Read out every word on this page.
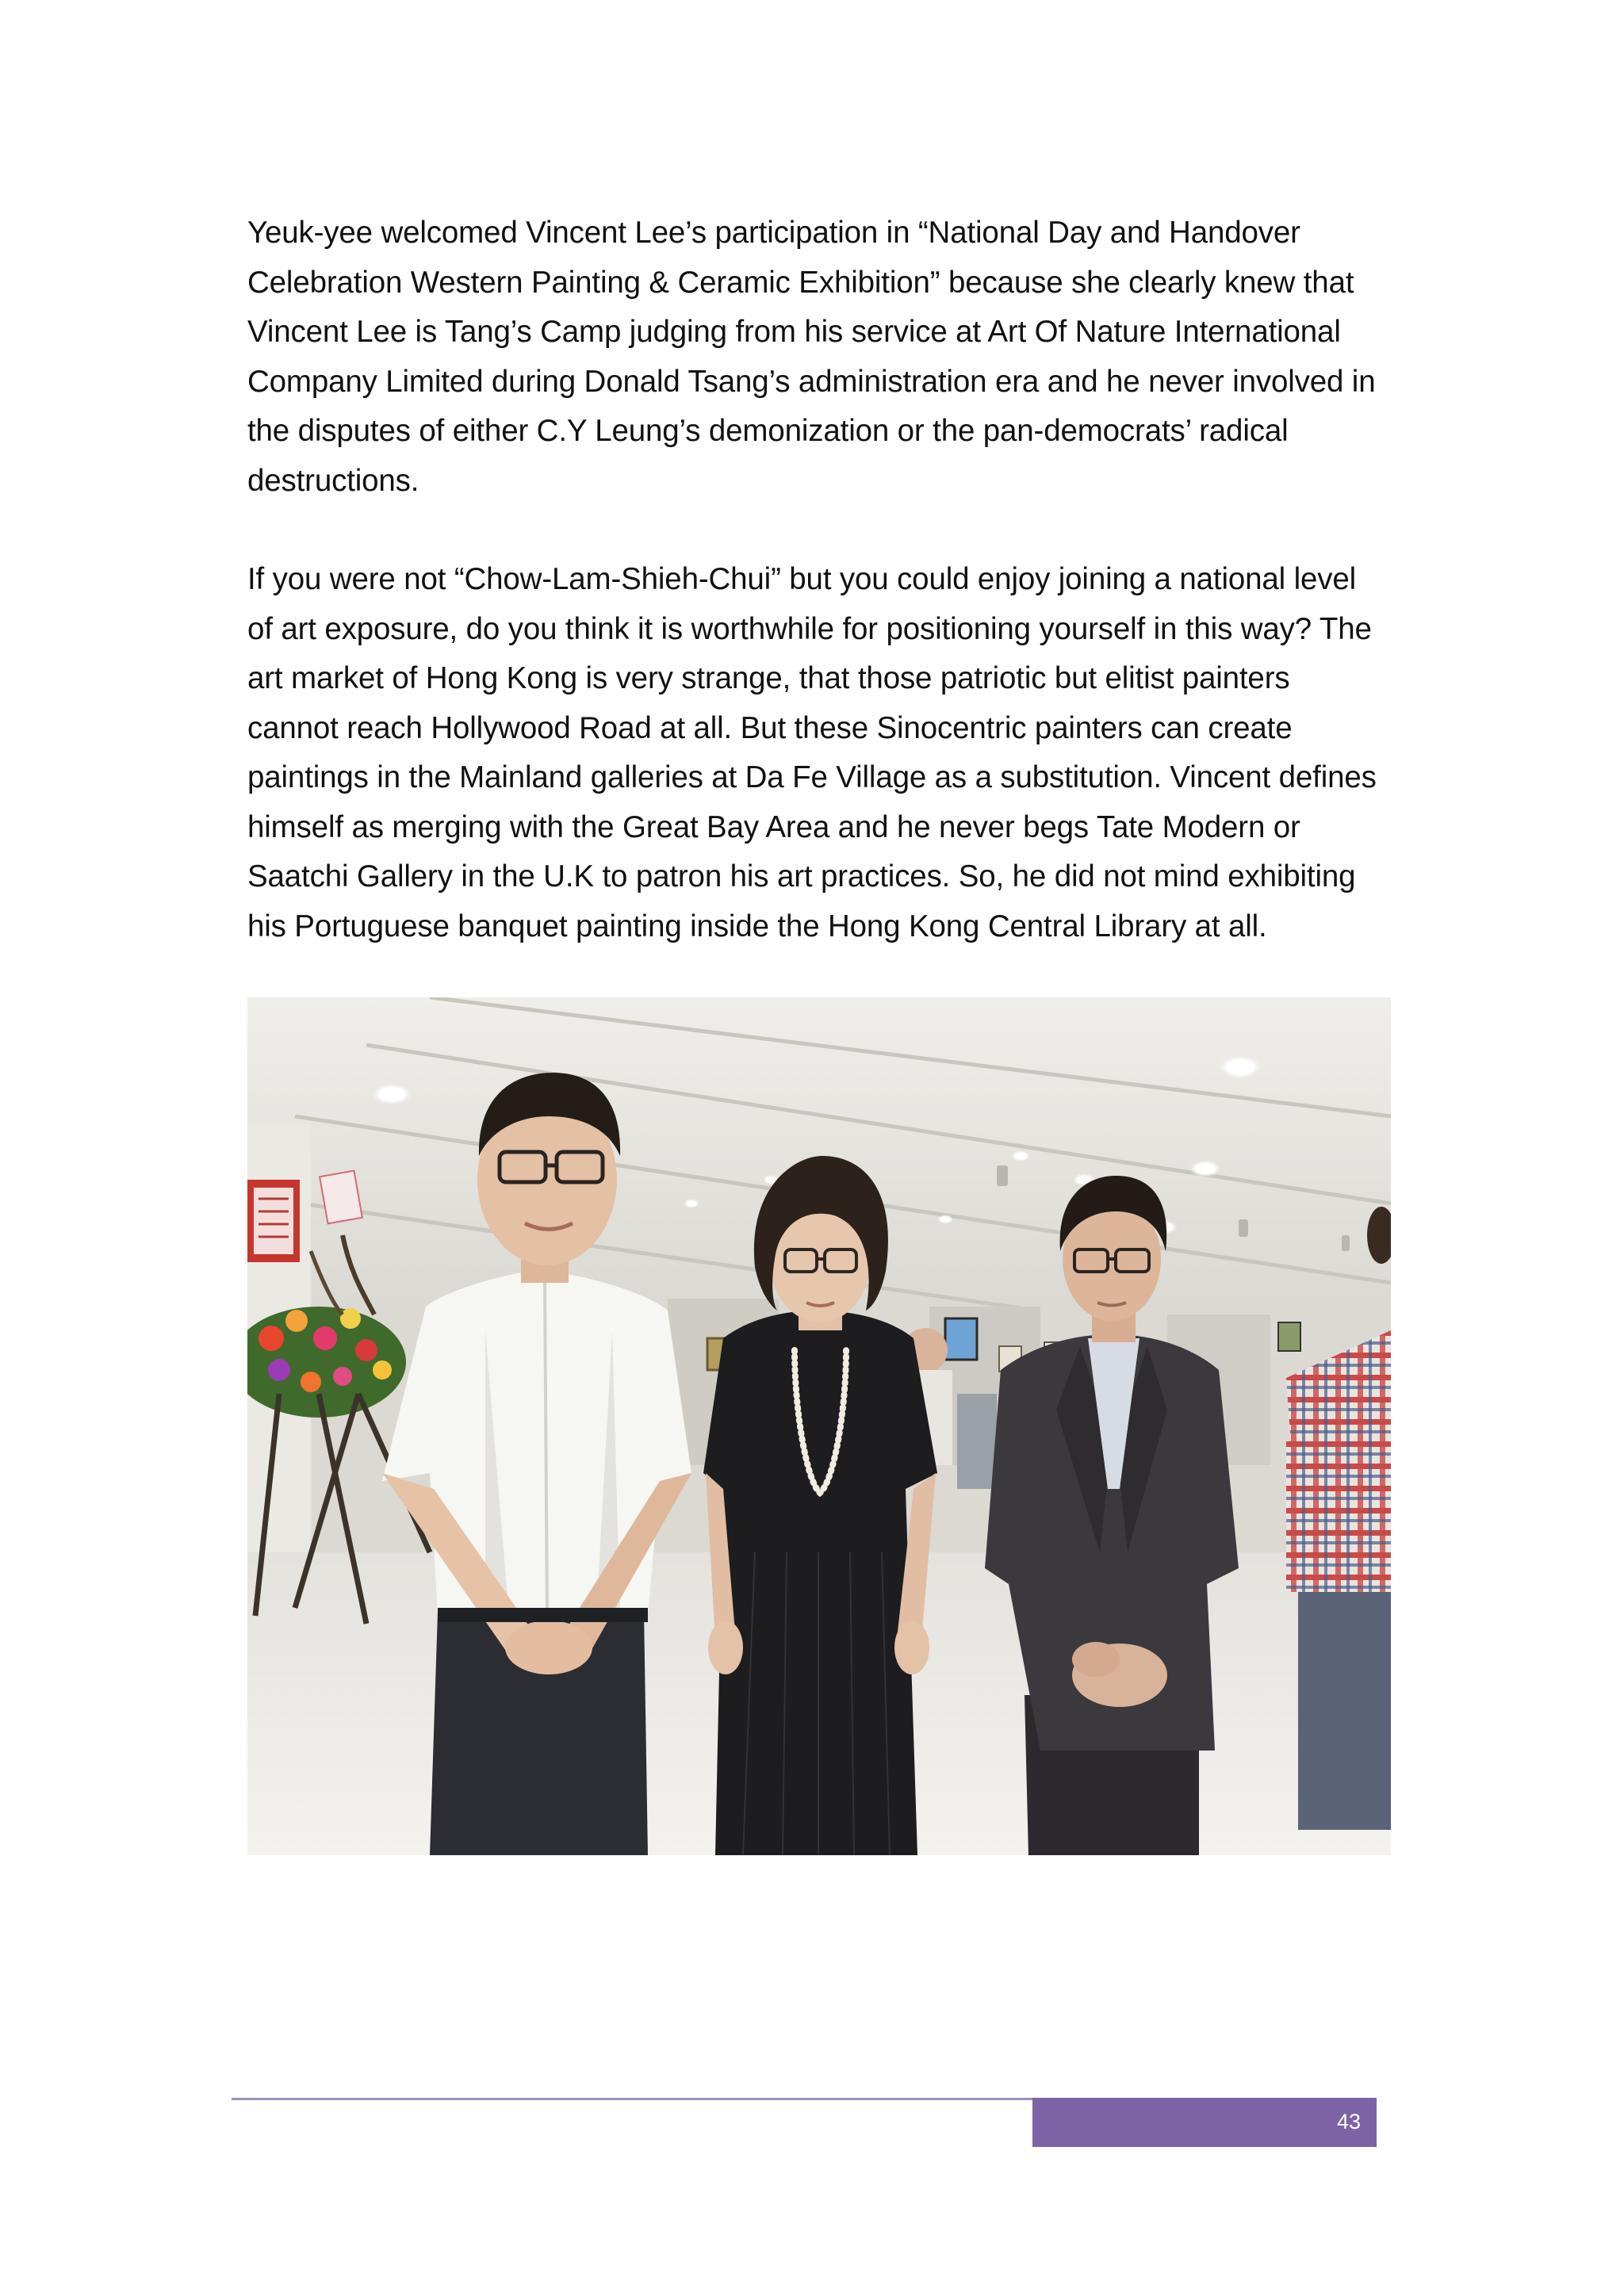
Yeuk-yee welcomed Vincent Lee’s participation in “National Day and Handover
Celebration Western Painting & Ceramic Exhibition” because she clearly knew that
Vincent Lee is Tang’s Camp judging from his service at Art Of Nature International
Company Limited during Donald Tsang’s administration era and he never involved in
the disputes of either C.Y Leung’s demonization or the pan-democrats’ radical
destructions.

If you were not “Chow-Lam-Shieh-Chui” but you could enjoy joining a national level
of art exposure, do you think it is worthwhile for positioning yourself in this way? The
art market of Hong Kong is very strange, that those patriotic but elitist painters
cannot reach Hollywood Road at all. But these Sinocentric painters can create
paintings in the Mainland galleries at Da Fe Village as a substitution. Vincent defines
himself as merging with the Great Bay Area and he never begs Tate Modern or
Saatchi Gallery in the U.K to patron his art practices. So, he did not mind exhibiting
his Portuguese banquet painting inside the Hong Kong Central Library at all.

43
